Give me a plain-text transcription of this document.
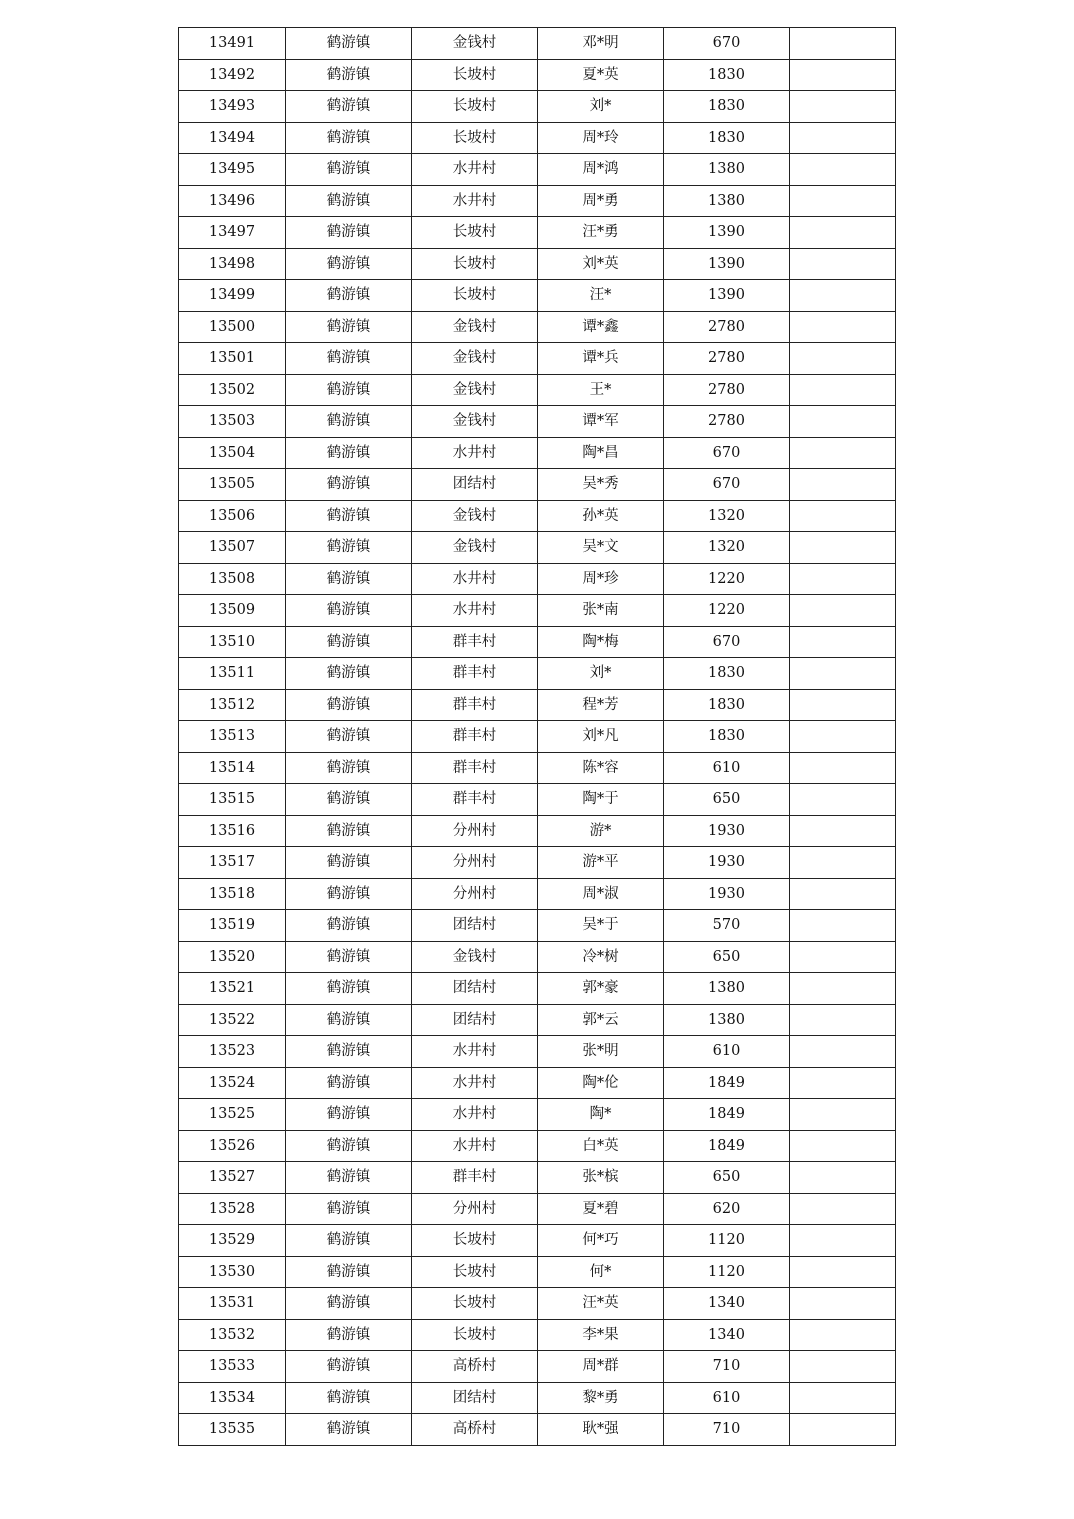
13491	鹤游镇	金钱村	邓*明	670	
13492	鹤游镇	长坡村	夏*英	1830	
13493	鹤游镇	长坡村	刘*	1830	
13494	鹤游镇	长坡村	周*玲	1830	
13495	鹤游镇	水井村	周*鸿	1380	
13496	鹤游镇	水井村	周*勇	1380	
13497	鹤游镇	长坡村	汪*勇	1390	
13498	鹤游镇	长坡村	刘*英	1390	
13499	鹤游镇	长坡村	汪*	1390	
13500	鹤游镇	金钱村	谭*鑫	2780	
13501	鹤游镇	金钱村	谭*兵	2780	
13502	鹤游镇	金钱村	王*	2780	
13503	鹤游镇	金钱村	谭*军	2780	
13504	鹤游镇	水井村	陶*昌	670	
13505	鹤游镇	团结村	吴*秀	670	
13506	鹤游镇	金钱村	孙*英	1320	
13507	鹤游镇	金钱村	吴*文	1320	
13508	鹤游镇	水井村	周*珍	1220	
13509	鹤游镇	水井村	张*南	1220	
13510	鹤游镇	群丰村	陶*梅	670	
13511	鹤游镇	群丰村	刘*	1830	
13512	鹤游镇	群丰村	程*芳	1830	
13513	鹤游镇	群丰村	刘*凡	1830	
13514	鹤游镇	群丰村	陈*容	610	
13515	鹤游镇	群丰村	陶*于	650	
13516	鹤游镇	分州村	游*	1930	
13517	鹤游镇	分州村	游*平	1930	
13518	鹤游镇	分州村	周*淑	1930	
13519	鹤游镇	团结村	吴*于	570	
13520	鹤游镇	金钱村	冷*树	650	
13521	鹤游镇	团结村	郭*豪	1380	
13522	鹤游镇	团结村	郭*云	1380	
13523	鹤游镇	水井村	张*明	610	
13524	鹤游镇	水井村	陶*伦	1849	
13525	鹤游镇	水井村	陶*	1849	
13526	鹤游镇	水井村	白*英	1849	
13527	鹤游镇	群丰村	张*槟	650	
13528	鹤游镇	分州村	夏*碧	620	
13529	鹤游镇	长坡村	何*巧	1120	
13530	鹤游镇	长坡村	何*	1120	
13531	鹤游镇	长坡村	汪*英	1340	
13532	鹤游镇	长坡村	李*果	1340	
13533	鹤游镇	高桥村	周*群	710	
13534	鹤游镇	团结村	黎*勇	610	
13535	鹤游镇	高桥村	耿*强	710	
